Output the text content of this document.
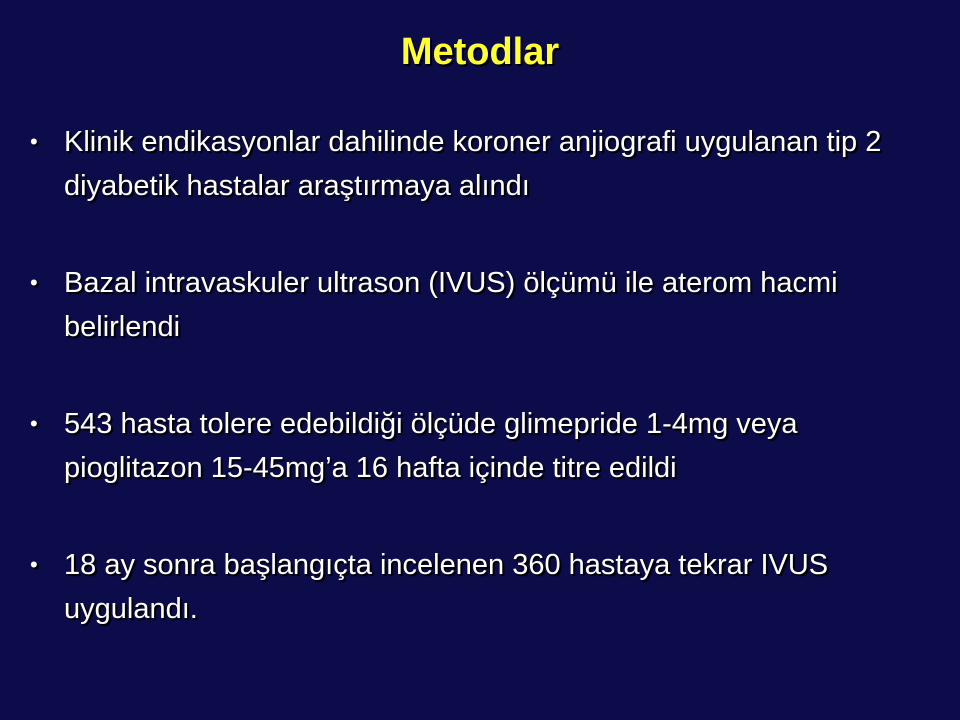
Metodlar
• Klinik endikasyonlar dahilinde koroner anjiografi uygulanan tip 2 diyabetik hastalar araştırmaya alındı
• Bazal intravaskuler ultrason (IVUS) ölçümü ile aterom hacmi belirlendi
• 543 hasta tolere edebildiği ölçüde glimepride 1-4mg veya pioglitazon 15-45mg’a 16 hafta içinde titre edildi
• 18 ay sonra başlangıçta incelenen 360 hastaya tekrar IVUS uygulandı.
